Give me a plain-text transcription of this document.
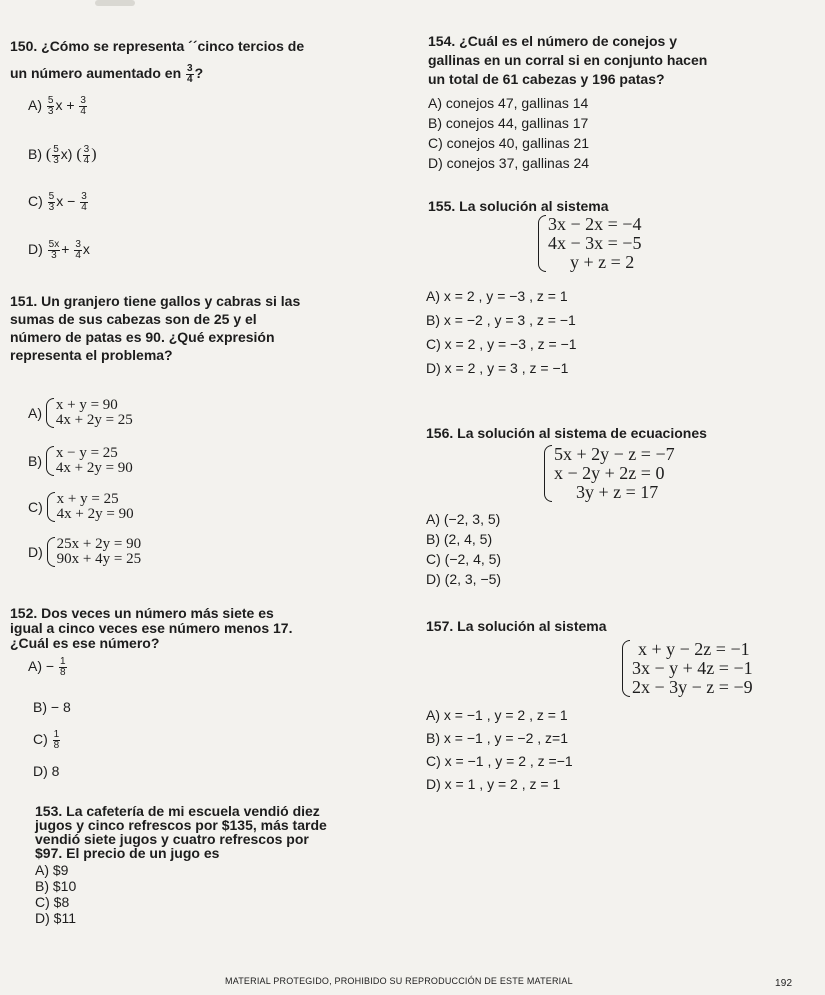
150. ¿Cómo se representa ´´cinco tercios de
un número aumentado en $\frac{3}{4}$ ?
$A) \frac{5}{3}$ $x + \frac{3}{4}$
B) ( $\frac{5}{3} x$) ( $\frac{3}{4}$ )
$C) \frac{5}{3}$ $x - \frac{3}{4}$
$D) \frac{5x}{3} + \frac{3}{4}$ x
151. Un granjero tiene gallos y cabras si las
sumas de sus cabezas son de 25 y el
número de patas es 90. ¿Qué expresión
representa el problema?
A) x + y = 90
4x + 2y = 25
B) x − y = 25
4x + 2y = 90
C) x + y = 25
4x + 2y = 90
D) 25x + 2y = 90
90x + 4y = 25
152. Dos veces un número más siete es
igual a cinco veces ese número menos 17.
¿Cuál es ese número?
$A) - \frac{1}{8}$
B) − 8
$C) \frac{1}{8}$
D) 8
153. La cafetería de mi escuela vendió diez
jugos y cinco refrescos por $135, más tarde
vendió siete jugos y cuatro refrescos por
$97. El precio de un jugo es
A) $9
B) $10
C) $8
D) $11
154. ¿Cuál es el número de conejos y
gallinas en un corral si en conjunto hacen
un total de 61 cabezas y 196 patas?
A) conejos 47, gallinas 14
B) conejos 44, gallinas 17
C) conejos 40, gallinas 21
D) conejos 37, gallinas 24
155. La solución al sistema
3x − 2x = −4
4x − 3x = −5
y + z = 2
A) x = 2 , y = −3 , z = 1
B) x = −2 , y = 3 , z = −1
C) x = 2 , y = −3 , z = −1
D) x = 2 , y = 3 , z = −1
156. La solución al sistema de ecuaciones
5x + 2y − z = −7
x − 2y + 2z = 0
3y + z = 17
A) (−2, 3, 5)
B) (2, 4, 5)
C) (−2, 4, 5)
D) (2, 3, −5)
157. La solución al sistema
x + y − 2z = −1
3x − y + 4z = −1
2x − 3y − z = −9
A) x = −1 , y = 2 , z = 1
B) x = −1 , y = −2 , z=1
C) x = −1 , y = 2 , z =−1
D) x = 1 , y = 2 , z = 1
MATERIAL PROTEGIDO, PROHIBIDO SU REPRODUCCIÓN DE ESTE MATERIAL	192
